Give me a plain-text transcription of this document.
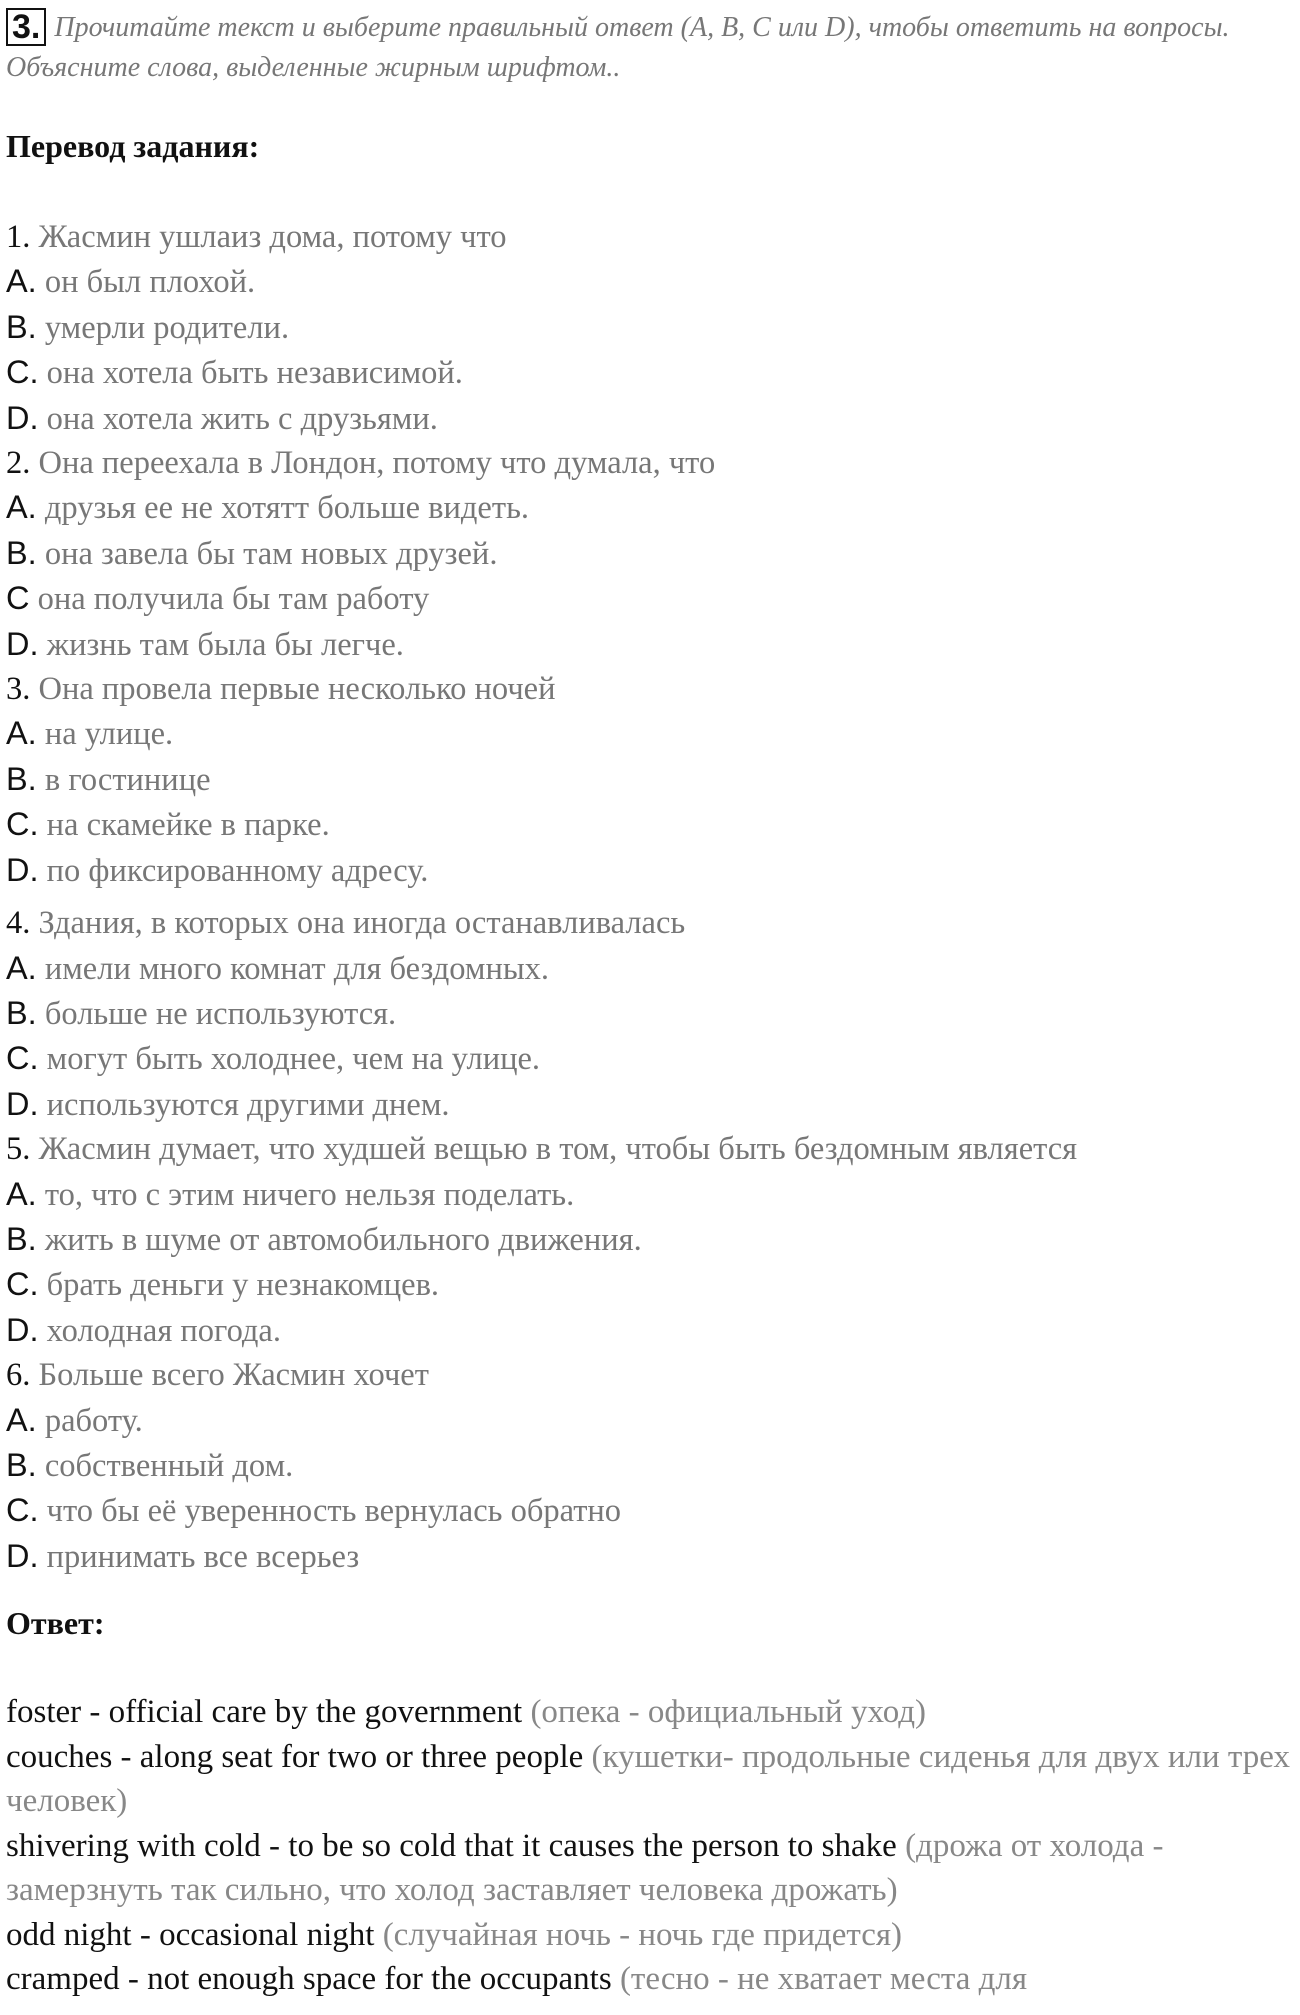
3. Прочитайте текст и выберите правильный ответ (A, B, C или D), чтобы ответить на вопросы. Объясните слова, выделенные жирным шрифтом..
Перевод задания:
1. Жасмин ушлаиз дома, потому что
A. он был плохой.
B. умерли родители.
C. она хотела быть независимой.
D. она хотела жить с друзьями.
2. Она переехала в Лондон, потому что думала, что
A. друзья ее не хотятт больше видеть.
B. она завела бы там новых друзей.
C она получила бы там работу
D. жизнь там была бы легче.
3. Она провела первые несколько ночей
A. на улице.
B. в гостинице
C. на скамейке в парке.
D. по фиксированному адресу.
4. Здания, в которых она иногда останавливалась
A. имели много комнат для бездомных.
B. больше не используются.
C. могут быть холоднее, чем на улице.
D. используются другими днем.
5. Жасмин думает, что худшей вещью в том, чтобы быть бездомным является
A. то, что с этим ничего нельзя поделать.
B. жить в шуме от автомобильного движения.
C. брать деньги у незнакомцев.
D. холодная погода.
6. Больше всего Жасмин хочет
A. работу.
B. собственный дом.
C. что бы её уверенность вернулась обратно
D. принимать все всерьез
Ответ:
foster - official care by the government (опека - официальный уход)
couches - along seat for two or three people (кушетки- продольные сиденья для двух или трех человек)
shivering with cold - to be so cold that it causes the person to shake (дрожа от холода - замерзнуть так сильно, что холод заставляет человека дрожать)
odd night - occasional night (случайная ночь - ночь где придется)
cramped - not enough space for the occupants (тесно - не хватает места для
